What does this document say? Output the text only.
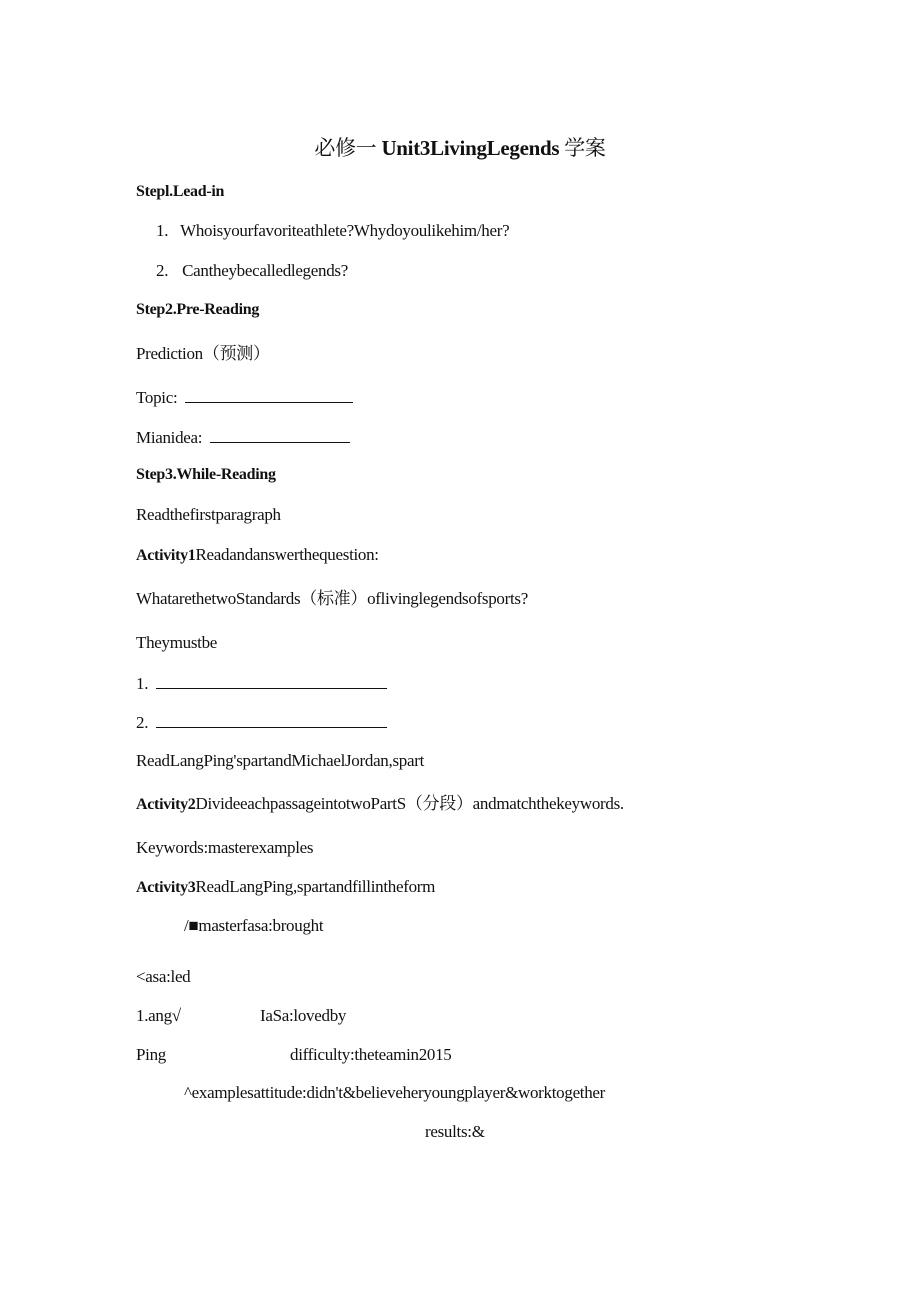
必修一 Unit3LivingLegends 学案
Stepl.Lead-in
1. Whoisyourfavoriteathlete?Whydoyoulikehim/her?
2. Cantheybecalledlegends?
Step2.Pre-Reading
Prediction（预测）
Topic:
Mianidea:
Step3.While-Reading
Readthefirstparagraph
Activity1Readandanswerthequestion:
WhatarethetwoStandards（标准）oflivinglegendsofsports?
Theymustbe
1.
2.
ReadLangPing'spartandMichaelJordan,spart
Activity2DivideeachpassageintotwoPartS（分段）andmatchthekeywords.
Keywords:masterexamples
Activity3ReadLangPing,spartandfillintheform
/■masterfasa:brought
<asa:led
1.ang√	IaSa:lovedby
Ping	difficulty:theteamin2015
^examplesattitude:didn't&believeheryoungplayer&worktogether
results:&
